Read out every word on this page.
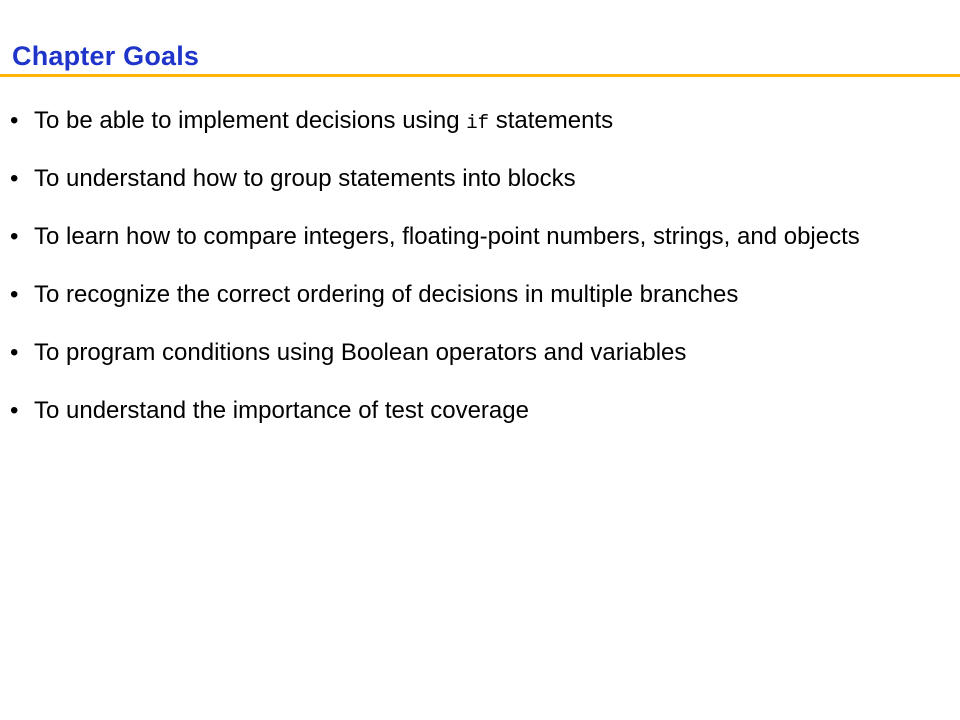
Chapter Goals
• To be able to implement decisions using if statements
• To understand how to group statements into blocks
• To learn how to compare integers, floating-point numbers, strings, and objects
• To recognize the correct ordering of decisions in multiple branches
• To program conditions using Boolean operators and variables
• To understand the importance of test coverage
